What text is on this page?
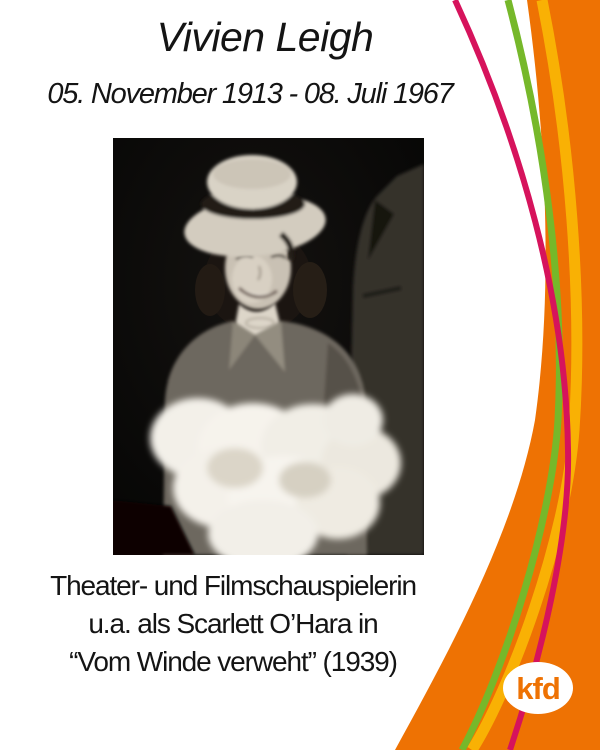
kfd
Vivien Leigh
05. November 1913 - 08. Juli 1967
Theater- und Filmschauspielerin
u.a. als Scarlett O’Hara in
“Vom Winde verweht” (1939)
